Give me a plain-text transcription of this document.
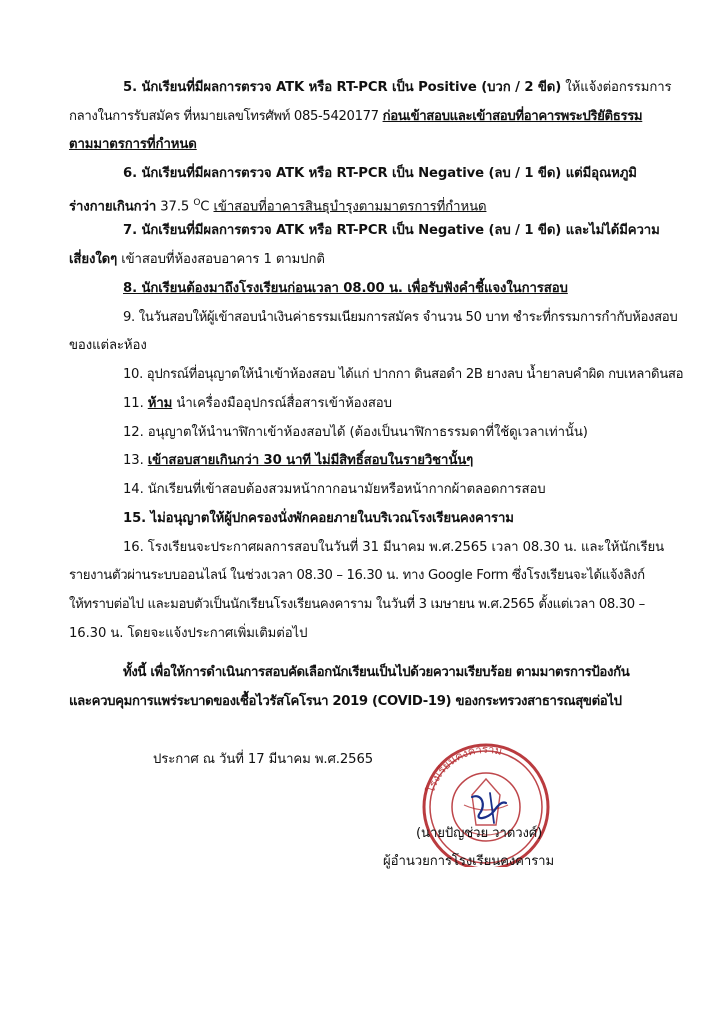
5. นักเรียนที่มีผลการตรวจ ATK หรือ RT-PCR เป็น Positive (บวก / 2 ขีด) ให้แจ้งต่อกรรมการ
กลางในการรับสมัคร ที่หมายเลขโทรศัพท์ 085-5420177 ก่อนเข้าสอบและเข้าสอบที่อาคารพระปริยัติธรรม
ตามมาตรการที่กำหนด
6. นักเรียนที่มีผลการตรวจ ATK หรือ RT-PCR เป็น Negative (ลบ / 1 ขีด) แต่มีอุณหภูมิ
ร่างกายเกินกว่า 37.5 $^O$C เข้าสอบที่อาคารสินธุบำรุงตามมาตรการที่กำหนด
7. นักเรียนที่มีผลการตรวจ ATK หรือ RT-PCR เป็น Negative (ลบ / 1 ขีด) และไม่ได้มีความ
เสี่ยงใดๆ เข้าสอบที่ห้องสอบอาคาร 1 ตามปกติ
8. นักเรียนต้องมาถึงโรงเรียนก่อนเวลา 08.00 น. เพื่อรับฟังคำชี้แจงในการสอบ
9. ในวันสอบให้ผู้เข้าสอบนำเงินค่าธรรมเนียมการสมัคร จำนวน 50 บาท ชำระที่กรรมการกำกับห้องสอบ
ของแต่ละห้อง
10. อุปกรณ์ที่อนุญาตให้นำเข้าห้องสอบ ได้แก่ ปากกา ดินสอดำ 2B ยางลบ น้ำยาลบคำผิด กบเหลาดินสอ
11. ห้าม นำเครื่องมืออุปกรณ์สื่อสารเข้าห้องสอบ
12. อนุญาตให้นำนาฬิกาเข้าห้องสอบได้ (ต้องเป็นนาฬิกาธรรมดาที่ใช้ดูเวลาเท่านั้น)
13. เข้าสอบสายเกินกว่า 30 นาที ไม่มีสิทธิ์สอบในรายวิชานั้นๆ
14. นักเรียนที่เข้าสอบต้องสวมหน้ากากอนามัยหรือหน้ากากผ้าตลอดการสอบ
15. ไม่อนุญาตให้ผู้ปกครองนั่งพักคอยภายในบริเวณโรงเรียนคงคาราม
16. โรงเรียนจะประกาศผลการสอบในวันที่ 31 มีนาคม พ.ศ.2565 เวลา 08.30 น. และให้นักเรียน
รายงานตัวผ่านระบบออนไลน์ ในช่วงเวลา 08.30 – 16.30 น. ทาง Google Form ซึ่งโรงเรียนจะได้แจ้งลิงก์
ให้ทราบต่อไป และมอบตัวเป็นนักเรียนโรงเรียนคงคาราม ในวันที่ 3 เมษายน พ.ศ.2565 ตั้งแต่เวลา 08.30 –
16.30 น. โดยจะแจ้งประกาศเพิ่มเติมต่อไป
ทั้งนี้ เพื่อให้การดำเนินการสอบคัดเลือกนักเรียนเป็นไปด้วยความเรียบร้อย ตามมาตรการป้องกัน
และควบคุมการแพร่ระบาดของเชื้อไวรัสโคโรนา 2019 (COVID-19) ของกระทรวงสาธารณสุขต่อไป
ประกาศ ณ วันที่ 17 มีนาคม พ.ศ.2565
โรงเรียนคงคาราม
(นายปัญช่วย วาตวงศ์)
ผู้อำนวยการโรงเรียนคงคาราม
